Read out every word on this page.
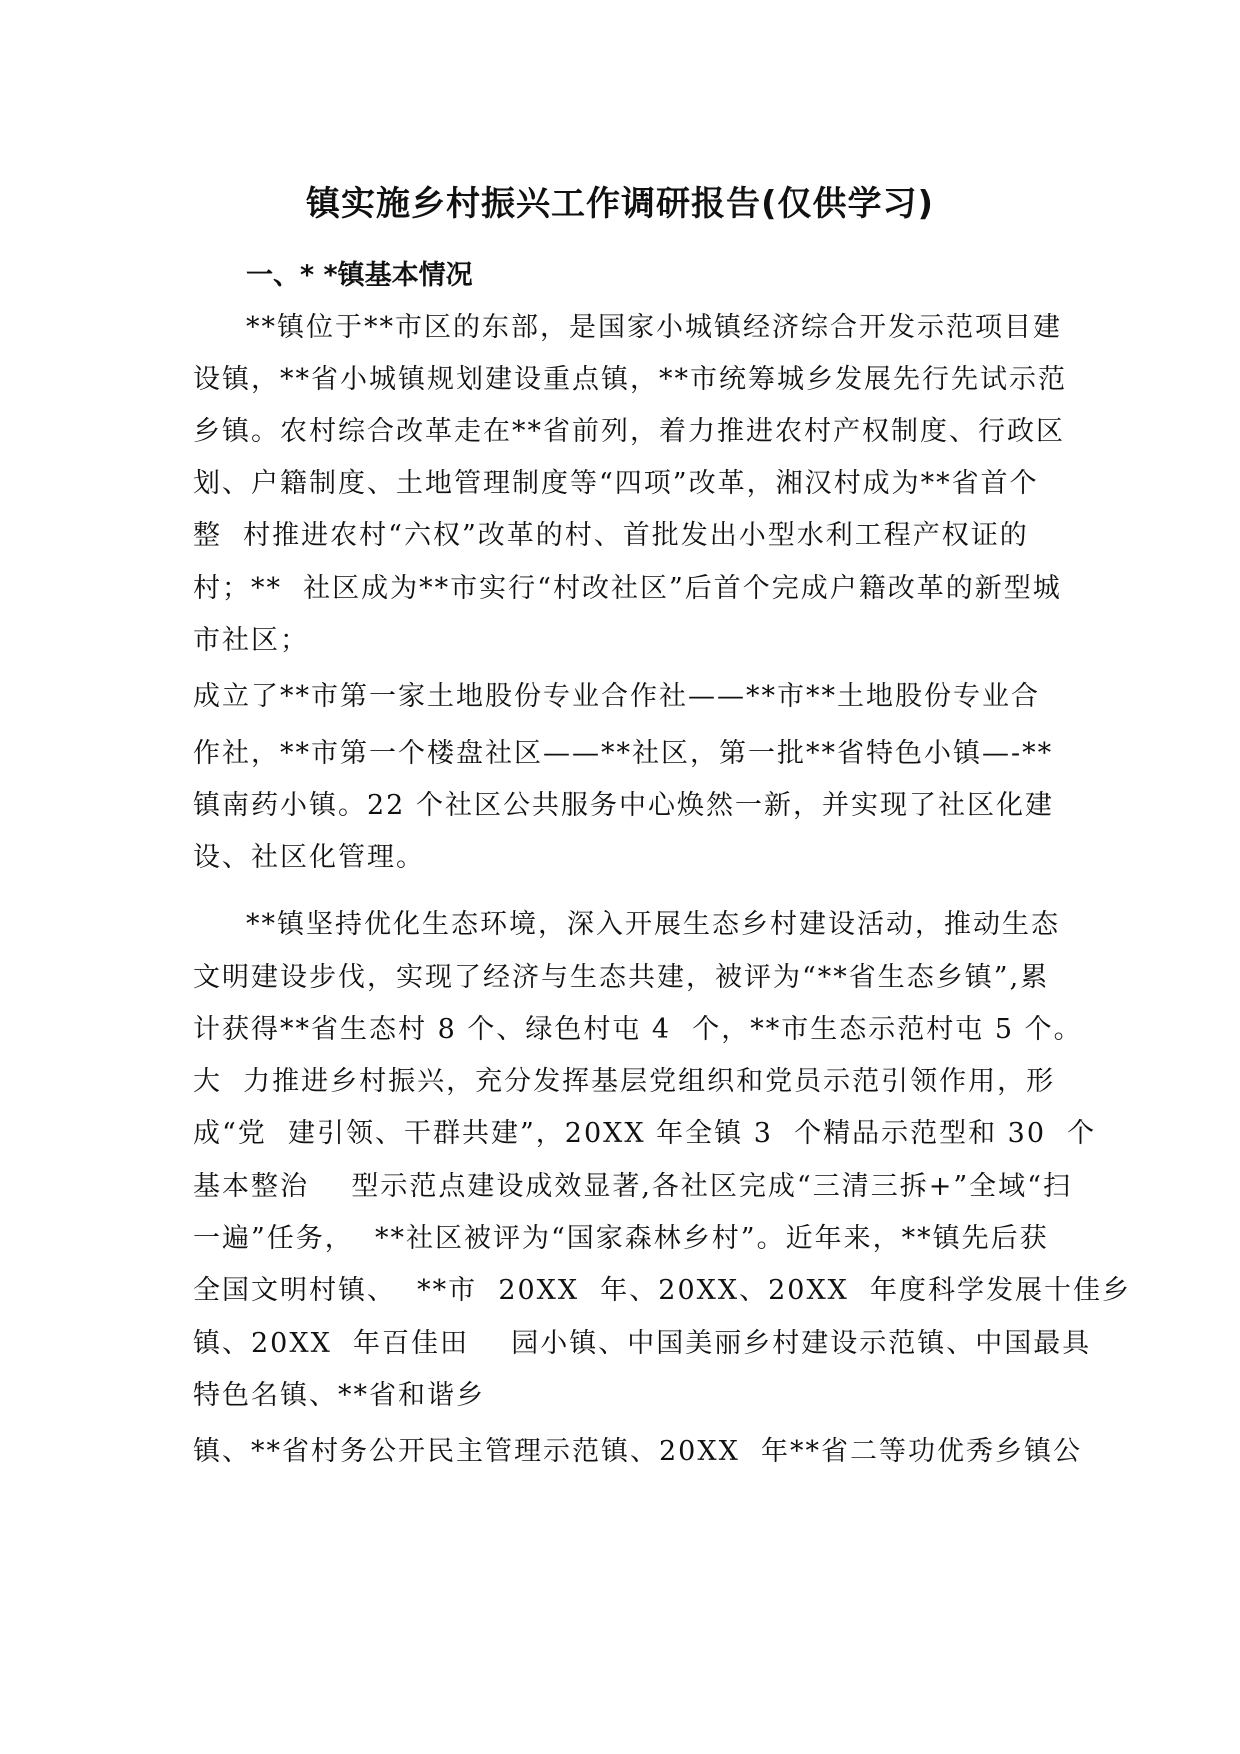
镇实施乡村振兴工作调研报告(仅供学习)
一、* *镇基本情况
**镇位于**市区的东部，是国家小城镇经济综合开发示范项目建
设镇，**省小城镇规划建设重点镇，**市统筹城乡发展先行先试示范
乡镇。农村综合改革走在**省前列，着力推进农村产权制度、行政区
划、户籍制度、土地管理制度等“四项”改革，湘汉村成为**省首个
整  村推进农村“六权”改革的村、首批发出小型水利工程产权证的
村；**  社区成为**市实行“村改社区”后首个完成户籍改革的新型城
市社区；
成立了**市第一家土地股份专业合作社——**市**土地股份专业合
作社，**市第一个楼盘社区——**社区，第一批**省特色小镇—-**
镇南药小镇。22 个社区公共服务中心焕然一新，并实现了社区化建
设、社区化管理。
**镇坚持优化生态环境，深入开展生态乡村建设活动，推动生态
文明建设步伐，实现了经济与生态共建，被评为“**省生态乡镇”,累
计获得**省生态村 8 个、绿色村屯 4  个，**市生态示范村屯 5 个。
大  力推进乡村振兴，充分发挥基层党组织和党员示范引领作用，形
成“党  建引领、干群共建”，20XX 年全镇 3  个精品示范型和 30  个
基本整治    型示范点建设成效显著,各社区完成“三清三拆+”全域“扫
一遍”任务，  **社区被评为“国家森林乡村”。近年来，**镇先后获
全国文明村镇、  **市  20XX  年、20XX、20XX  年度科学发展十佳乡
镇、20XX  年百佳田    园小镇、中国美丽乡村建设示范镇、中国最具
特色名镇、**省和谐乡
镇、**省村务公开民主管理示范镇、20XX  年**省二等功优秀乡镇公
